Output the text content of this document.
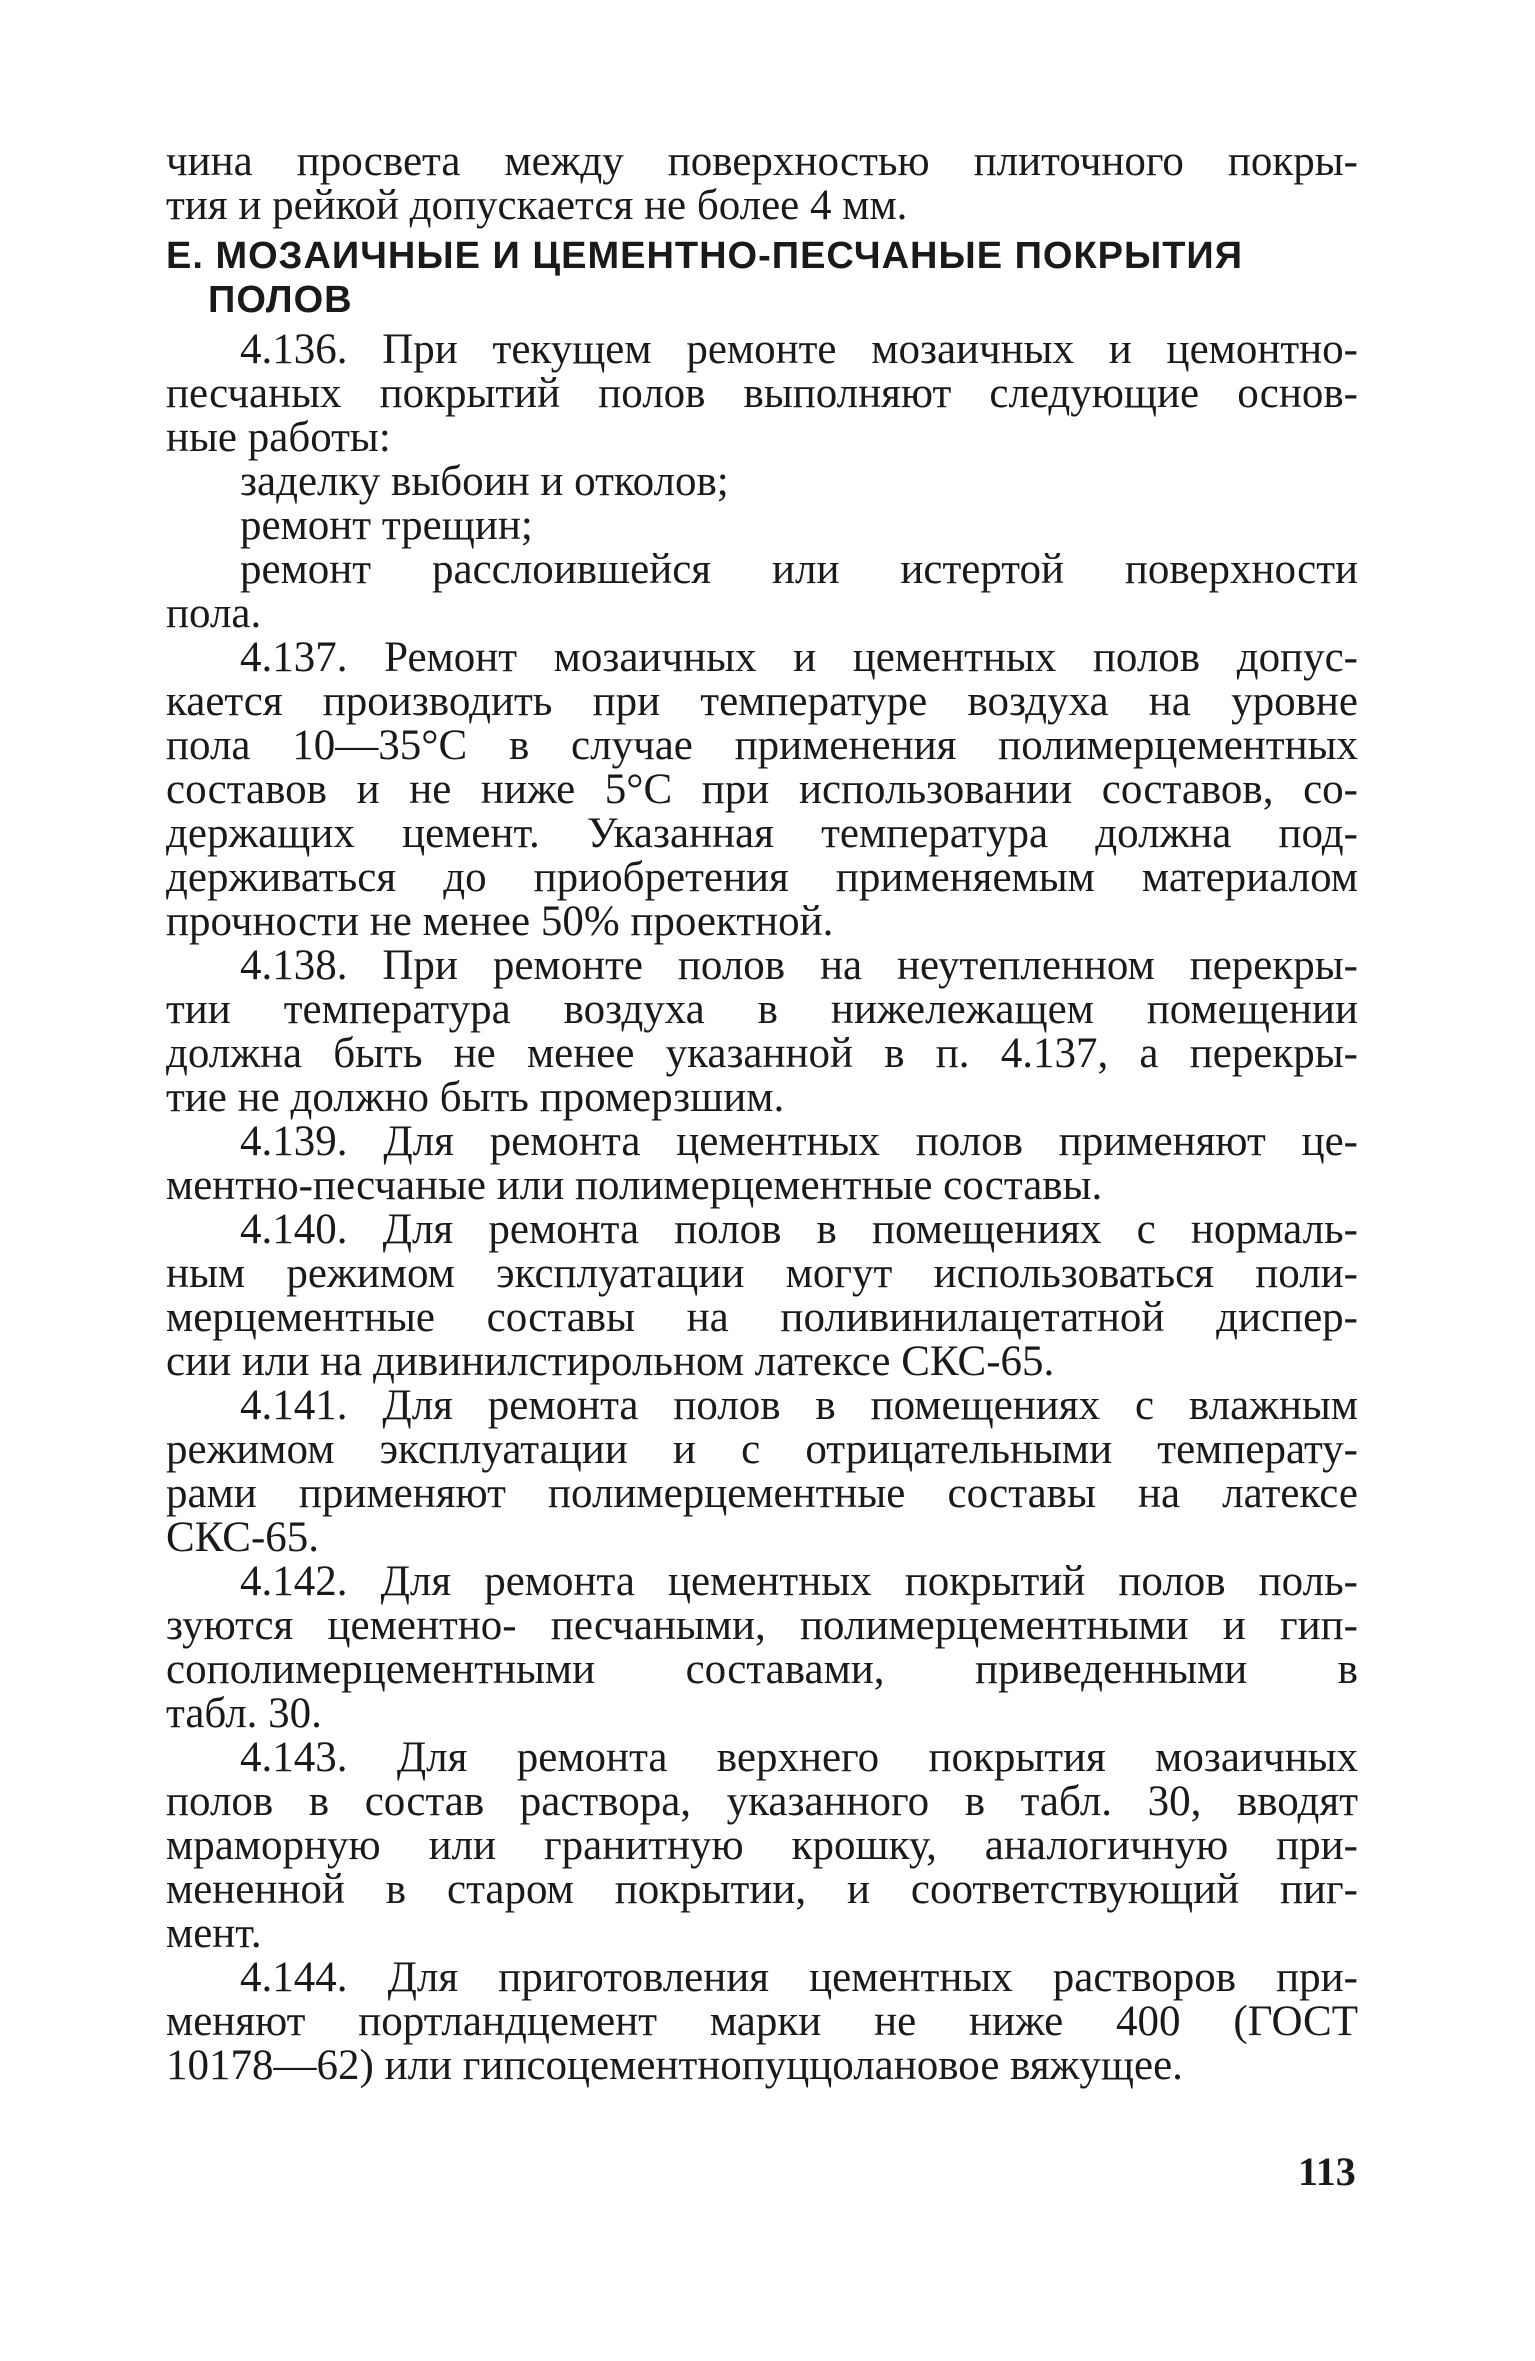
чина просвета между поверхностью плиточного покры-
тия и рейкой допускается не более 4 мм.
Е. МОЗАИЧНЫЕ И ЦЕМЕНТНО-ПЕСЧАНЫЕ ПОКРЫТИЯ
ПОЛОВ
4.136. При текущем ремонте мозаичных и цемонтно-
песчаных покрытий полов выполняют следующие основ-
ные работы:
заделку выбоин и отколов;
ремонт трещин;
ремонт расслоившейся или истертой поверхности
пола.
4.137. Ремонт мозаичных и цементных полов допус-
кается производить при температуре воздуха на уровне
пола 10—35°С в случае применения полимерцементных
составов и не ниже 5°С при использовании составов, со-
держащих цемент. Указанная температура должна под-
держиваться до приобретения применяемым материалом
прочности не менее 50% проектной.
4.138. При ремонте полов на неутепленном перекры-
тии температура воздуха в нижележащем помещении
должна быть не менее указанной в п. 4.137, а перекры-
тие не должно быть промерзшим.
4.139. Для ремонта цементных полов применяют це-
ментно-песчаные или полимерцементные составы.
4.140. Для ремонта полов в помещениях с нормаль-
ным режимом эксплуатации могут использоваться поли-
мерцементные составы на поливинилацетатной диспер-
сии или на дивинилстирольном латексе СКС-65.
4.141. Для ремонта полов в помещениях с влажным
режимом эксплуатации и с отрицательными температу-
рами применяют полимерцементные составы на латексе
СКС-65.
4.142. Для ремонта цементных покрытий полов поль-
зуются цементно- песчаными, полимерцементными и гип-
сополимерцементными составами, приведенными в
табл. 30.
4.143. Для ремонта верхнего покрытия мозаичных
полов в состав раствора, указанного в табл. 30, вводят
мраморную или гранитную крошку, аналогичную при-
мененной в старом покрытии, и соответствующий пиг-
мент.
4.144. Для приготовления цементных растворов при-
меняют портландцемент марки не ниже 400 (ГОСТ
10178—62) или гипсоцементнопуццолановое вяжущее.
113
